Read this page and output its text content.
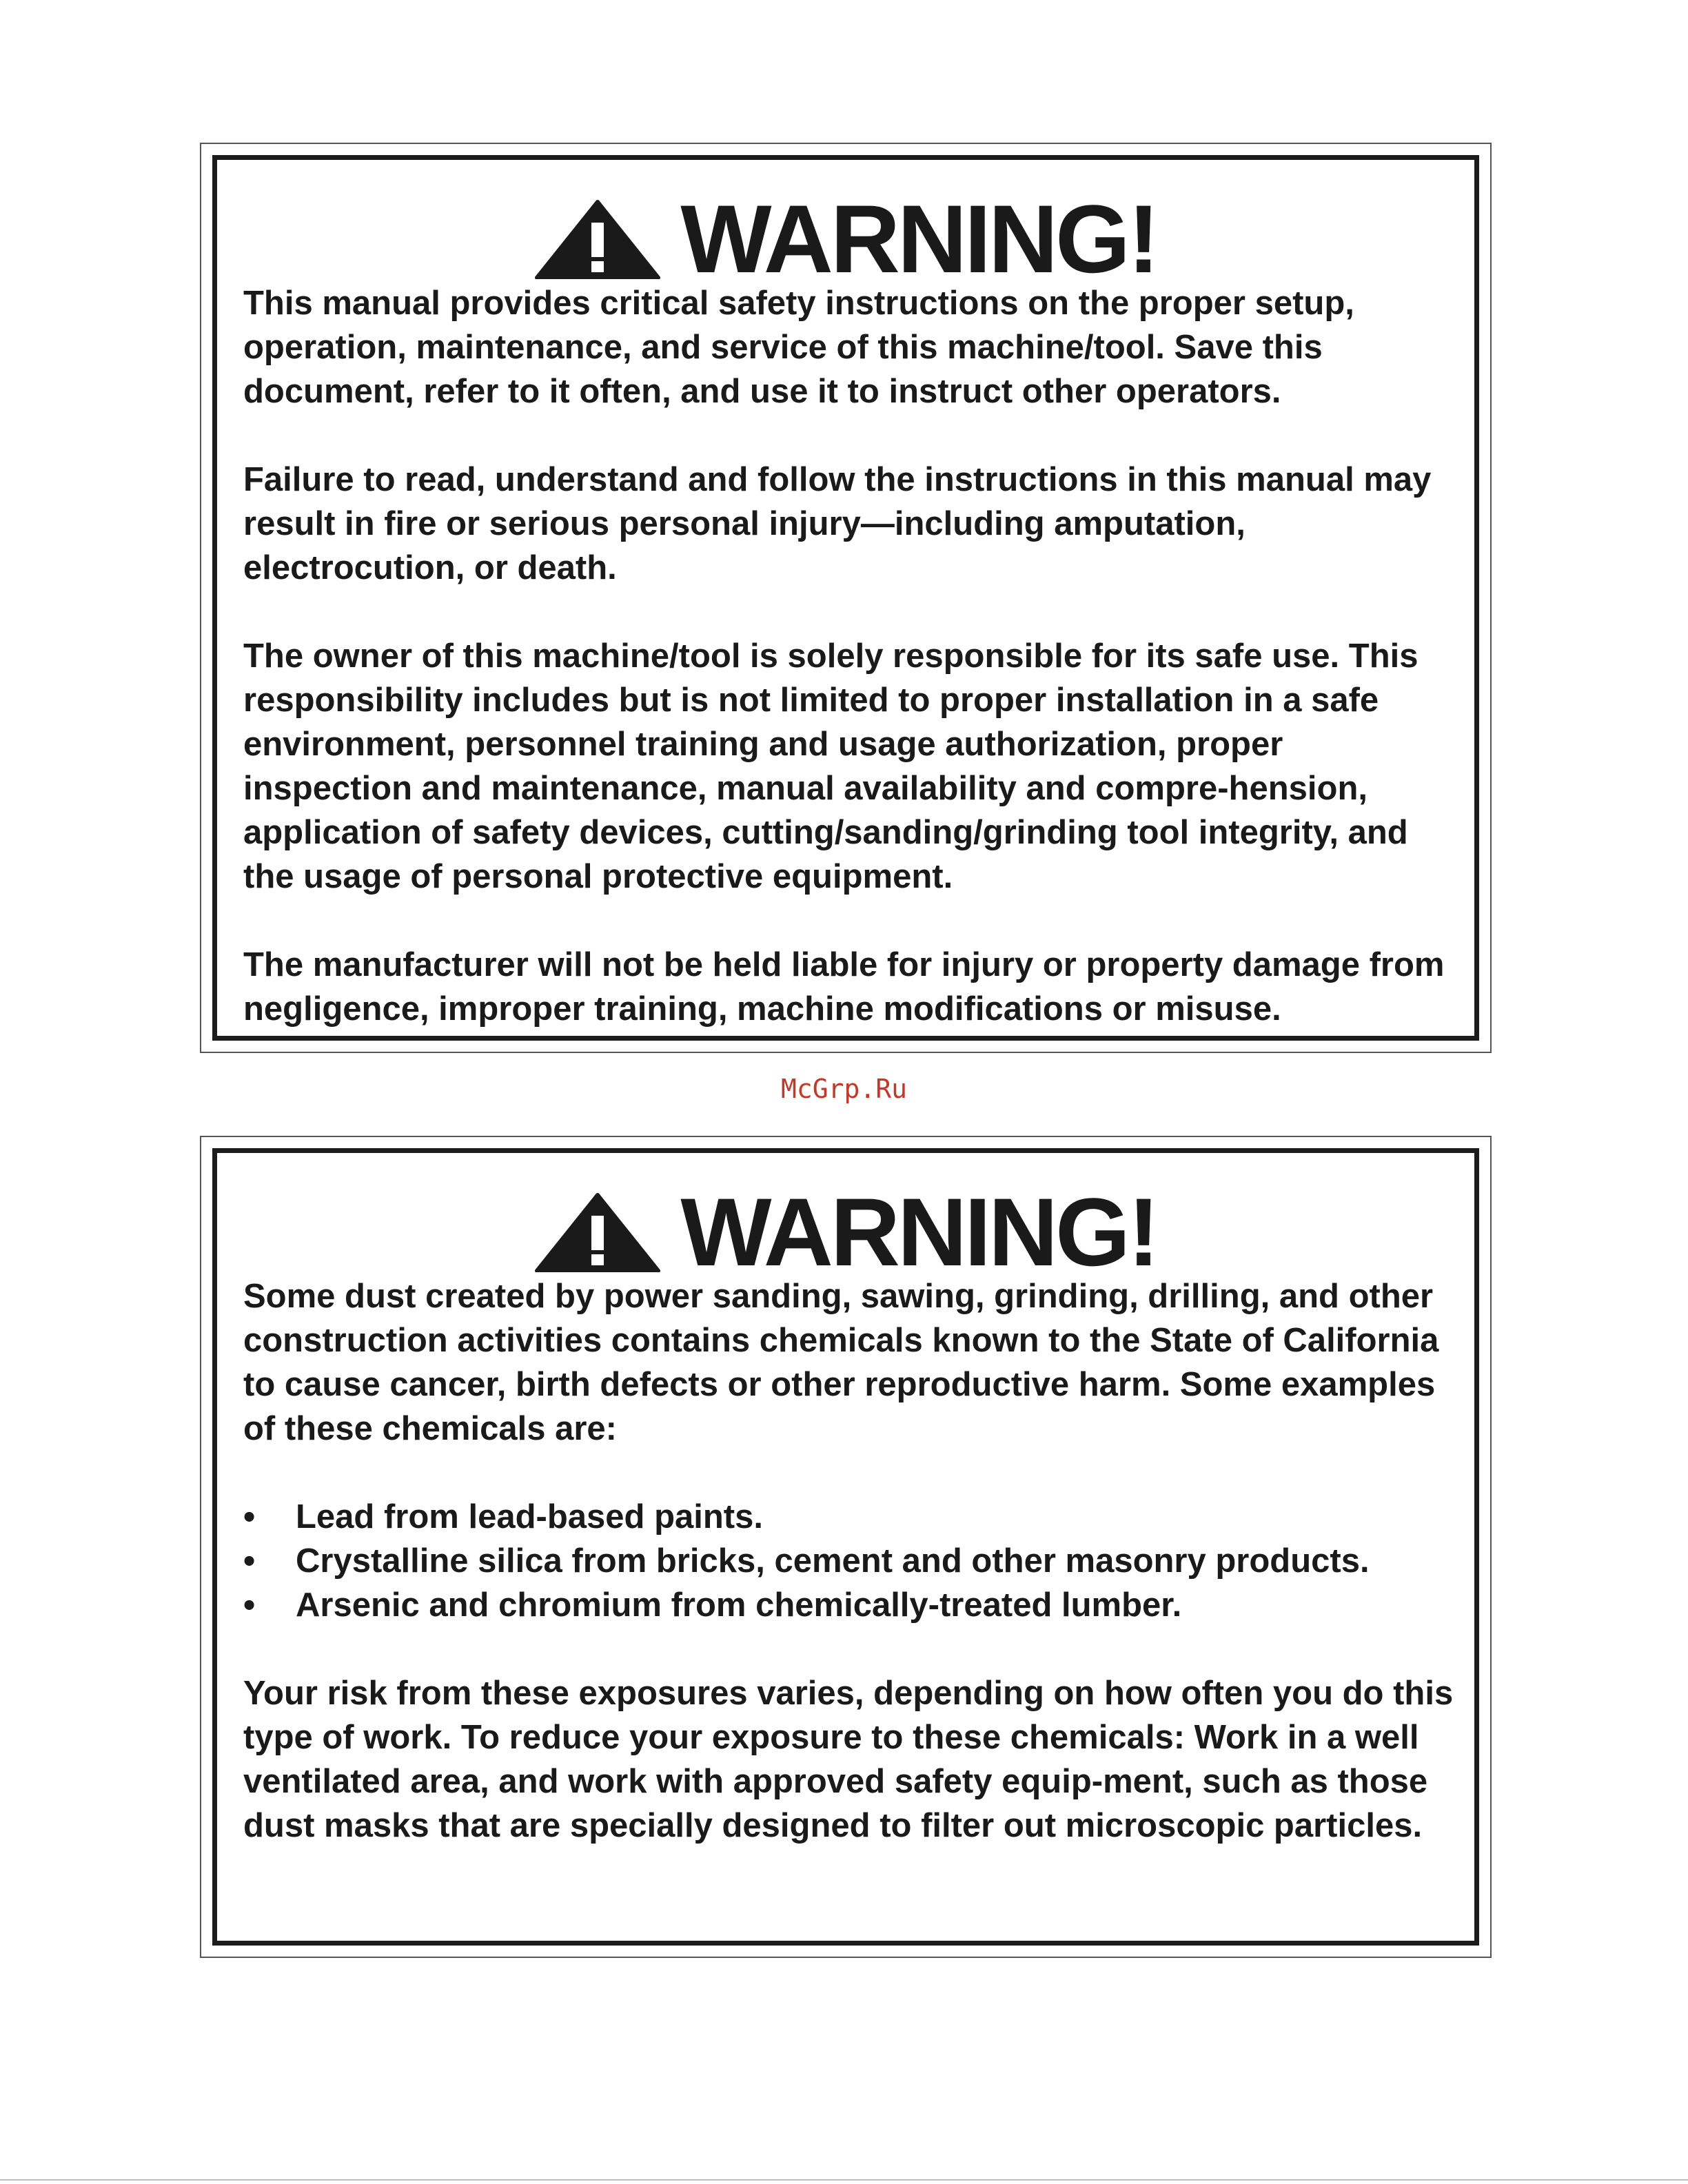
WARNING!

This manual provides critical safety instructions on the proper setup, operation, maintenance, and service of this machine/tool. Save this document, refer to it often, and use it to instruct other operators.

Failure to read, understand and follow the instructions in this manual may result in fire or serious personal injury—including amputation, electrocution, or death.

The owner of this machine/tool is solely responsible for its safe use. This responsibility includes but is not limited to proper installation in a safe environment, personnel training and usage authorization, proper inspection and maintenance, manual availability and compre-hension, application of safety devices, cutting/sanding/grinding tool integrity, and the usage of personal protective equipment.

The manufacturer will not be held liable for injury or property damage from negligence, improper training, machine modifications or misuse.

McGrp.Ru
WARNING!

Some dust created by power sanding, sawing, grinding, drilling, and other construction activities contains chemicals known to the State of California to cause cancer, birth defects or other reproductive harm. Some examples of these chemicals are:

• Lead from lead-based paints.
• Crystalline silica from bricks, cement and other masonry products.
• Arsenic and chromium from chemically-treated lumber.

Your risk from these exposures varies, depending on how often you do this type of work. To reduce your exposure to these chemicals: Work in a well ventilated area, and work with approved safety equip-ment, such as those dust masks that are specially designed to filter out microscopic particles.
